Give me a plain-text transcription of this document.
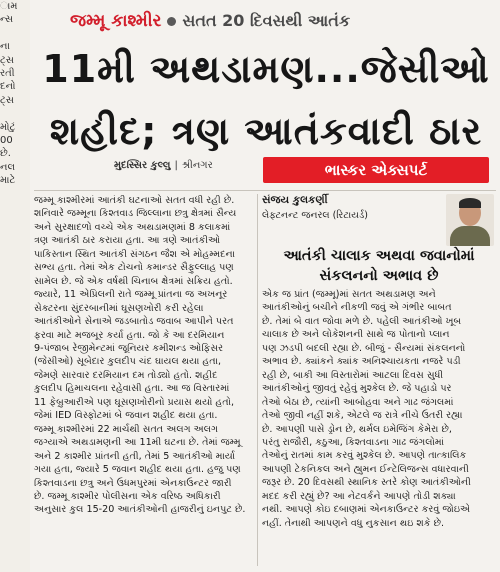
ામ
ન્સ
ના
ટ્સ
રતી
દનો
ટ્સ
મોટું
00
છે.
નલ
માટે
જમ્મૂ કાશ્મીર સતત 20 દિવસથી આતંક
11મી અથડામણ...જેસીઓ
શહીદ; ત્રણ આતંકવાદી ઠાર
મુદસ્સિર કુલ્લુ | શ્રીનગર	ભાસ્કર એક્સપર્ટ

જમ્મૂ કાશ્મીરમાં આતંકી ઘટનાઓ સતત વધી રહી છે.

શનિવારે જમ્મૂના કિશ્તવાડ જિલ્લાના છત્રુ ક્ષેત્રમાં સૈન્ય

અને સુરક્ષાદળો વચ્ચે એક અથડામણમાં 8 કલાકમાં

ત્રણ આતંકી ઠાર કરાયા હતા. આ ત્રણે આતંકીઓ

પાકિસ્તાન સ્થિત આતંકી સંગઠન જૈશ એ મોહમ્મદના

સભ્ય હતા. તેમાં એક ટોચનો કમાન્ડર સૈફુલ્લાહ પણ

સામેલ છે. જે એક વર્ષથી ચિનાબ ક્ષેત્રમાં સક્રિય હતો.

જ્યારે, 11 એપ્રિલની રાતે જમ્મૂ પ્રાંતના જ અખનૂર

સેક્ટરના સુંદરબાનીમાં ઘૂસણખોરી કરી રહેલા

આતંકીઓને સેનાએ જડબાતોડ જવાબ આપીને પરત

ફરવા માટે મજબૂર કર્યા હતા. જો કે આ દરમિયાન

9-પંજાબ રેજીમેન્ટમાં જૂનિયર કમીશન્ડ ઓફિસર

(જેસીઓ) સૂબેદાર કુલદીપ ચંદ ઘાયલ થયા હતા,

જેમણે સારવાર દરમિયાન દમ તોડ્યો હતો. શહીદ

કુલદીપ હિમાચલના રહેવાસી હતા. આ જ વિસ્તારમાં

11 ફેબ્રુઆરીએ પણ ઘૂસણખોરીનો પ્રયાસ થયો હતો,

જેમાં IED વિસ્ફોટમાં બે જવાન શહીદ થયા હતા.

જમ્મૂ કાશ્મીરમાં 22 માર્ચથી સતત અલગ અલગ

જગ્યાએ અથડામણની આ 11મી ઘટના છે. તેમાં જમ્મૂ

અને 2 કાશ્મીર પ્રાંતની હતી, તેમાં 5 આતંકીઓ માર્યા

ગયા હતા, જ્યારે 5 જવાન શહીદ થયા હતા. હજુ પણ

કિશ્તવાડના છત્રુ અને ઉધમપુરમાં એનકાઉન્ટર જારી

છે. જમ્મૂ કાશ્મીર પોલીસના એક વરિષ્ઠ અધિકારી

અનુસાર કુલ 15-20 આતંકીઓની હાજરીનું ઇનપુટ છે.

સંજય કુલકર્ણી
લેફ્ટનન્ટ જનરલ (રિટાયર્ડ)
આતંકી ચાલાક અથવા જવાનોમાં
સંકલનનો અભાવ છે

એક જ પ્રાંત (જમ્મૂ)માં સતત અથડામણ અને

આતંકીઓનું બચીને નીકળી જવું એ ગંભીર બાબત

છે. તેમાં બે વાત જોવા મળે છે. પહેલી આતંકીઓ ખૂબ

ચાલાક છે અને લોકેશનની સાથે જ પોતાનો પ્લાન

પણ ઝડપી બદલી રહ્યા છે. બીજું - સૈન્યમાં સંકલનનો

અભાવ છે. ક્યાંકને ક્યાંક અનિશ્ચાયકતા નજરે પડી

રહી છે, બાકી આ વિસ્તારોમાં આટલા દિવસ સુધી

આતંકીઓનું જીવતું રહેવું મુશ્કેલ છે. જે પહાડો પર

તેઓ બેઠા છે, ત્યાંની આબોહવા અને ગાઢ જંગલમાં

તેઓ જીવી નહીં શકે, એટલે જ રાત્રે નીચે ઉતરી રહ્યા

છે. આપણી પાસે ડ્રોન છે, થર્મલ ઇમેજિંગ કેમેરા છે,

પરંતુ રાજૌરી, કઠુઆ, કિશ્તવાડના ગાઢ જંગલોમાં

તેઓનું રાતમાં કામ કરવું મુશ્કેલ છે. આપણે તાત્કાલિક

આપણી ટેકનિકલ અને હ્યુમન ઈન્ટેલિજન્સ વધારવાની

જરૂર છે. 20 દિવસથી સ્થાનિક સ્તરે કોણ આતંકીઓની

મદદ કરી રહ્યું છે? આ નેટવર્કને આપણે તોડી શક્યા

નથી. આપણે કોઇ દબાણમાં એનકાઉન્ટર કરવું જોઇએ

નહીં. તેનાથી આપણને વધુ નુકસાન થઇ શકે છે.
